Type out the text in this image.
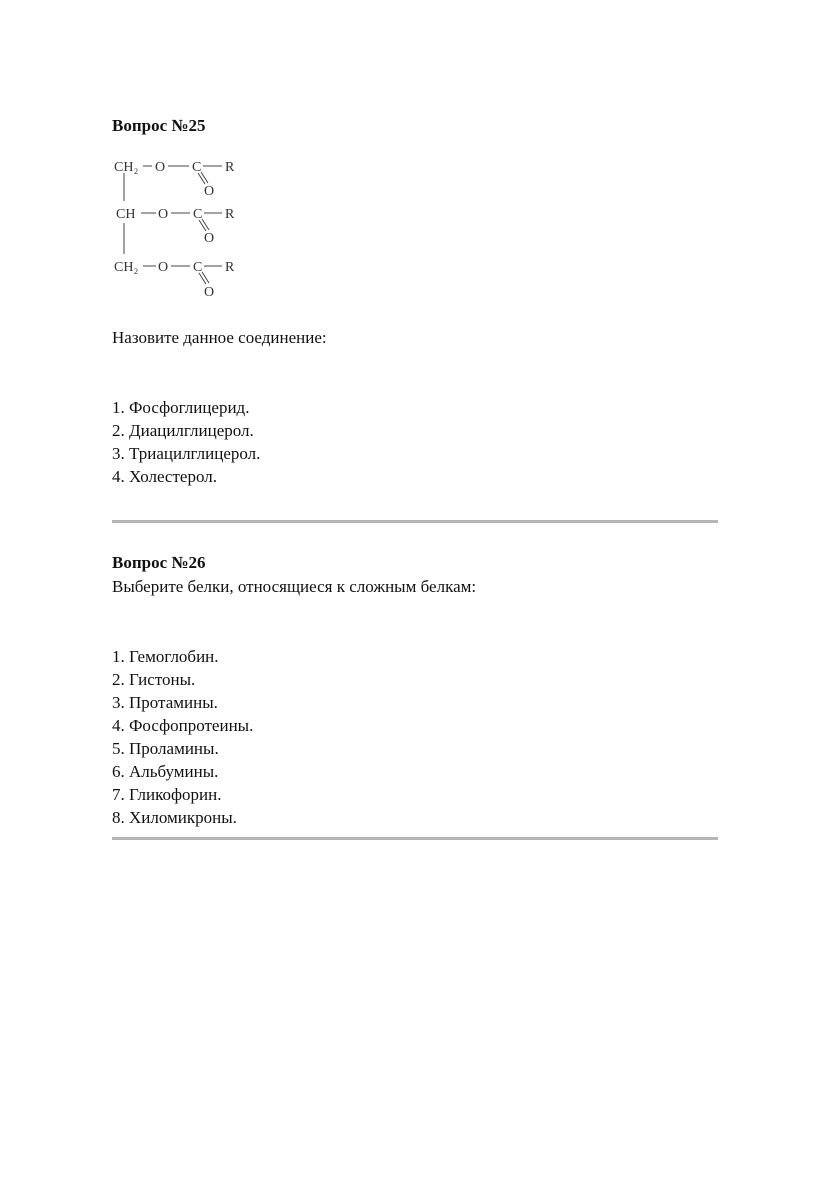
Вопрос №25
CH₂ O C R
O
CH O C R
O
CH₂ O C R
O

Назовите данное соединение:

1. Фосфоглицерид.
2. Диацилглицерол.
3. Триацилглицерол.
4. Холестерол.
Вопрос №26

Выберите белки, относящиеся к сложным белкам:

1. Гемоглобин.
2. Гистоны.
3. Протамины.
4. Фосфопротеины.
5. Проламины.
6. Альбумины.
7. Гликофорин.
8. Хиломикроны.
